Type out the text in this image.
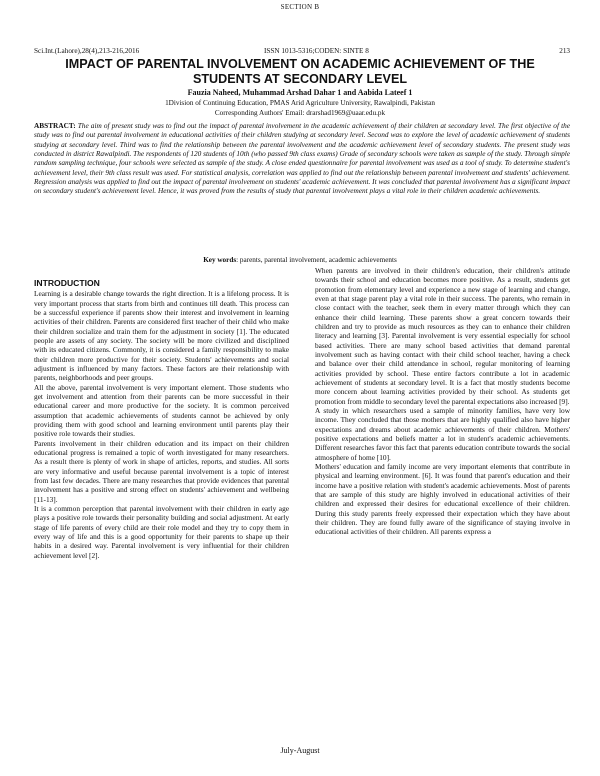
SECTION B
Sci.Int.(Lahore),28(4),213-216,2016	ISSN 1013-5316;CODEN: SINTE 8	213
IMPACT OF PARENTAL INVOLVEMENT ON ACADEMIC ACHIEVEMENT OF THE STUDENTS AT SECONDARY LEVEL
Fauzia Naheed, Muhammad Arshad Dahar 1 and Aabida Lateef 1
1Division of Continuing Education, PMAS Arid Agriculture University, Rawalpindi, Pakistan
Corresponding Authors' Email: drarshad1969@uaar.edu.pk

ABSTRACT: The aim of present study was to find out the impact of parental involvement in the academic achievement of their children at secondary level. The first objective of the study was to find out parental involvement in educational activities of their children studying at secondary level. Second was to explore the level of academic achievement of students studying at secondary level. Third was to find the relationship between the parental involvement and the academic achievement level of secondary students. The present study was conducted in district Rawalpindi. The respondents of 120 students of 10th (who passed 9th class exams) Grade of secondary schools were taken as sample of the study. Through simple random sampling technique, four schools were selected as sample of the study. A close ended questionnaire for parental involvement was used as a tool of study. To determine student's achievement level, their 9th class result was used. For statistical analysis, correlation was applied to find out the relationship between parental involvement and students' achievement. Regression analysis was applied to find out the impact of parental involvement on students' academic achievement. It was concluded that parental involvement has a significant impact on secondary student's achievement level. Hence, it was proved from the results of study that parental involvement plays a vital role in their children academic achievements.

Key words: parents, parental involvement, academic achievements
INTRODUCTION

Learning is a desirable change towards the right direction. It is a lifelong process. It is very important process that starts from birth and continues till death. This process can be a successful experience if parents show their interest and involvement in learning activities of their children. Parents are considered first teacher of their child who make their children socialize and train them for the adjustment in society [1]. The educated people are assets of any society. The society will be more civilized and disciplined with its educated citizens. Commonly, it is considered a family responsibility to make their children more productive for their society. Students' achievements and social adjustment is influenced by many factors. These factors are their relationship with parents, neighborhoods and peer groups.

All the above, parental involvement is very important element. Those students who get involvement and attention from their parents can be more successful in their educational career and more productive for the society. It is common perceived assumption that academic achievements of students cannot be achieved by only providing them with good school and learning environment until parents play their positive role towards their studies.

Parents involvement in their children education and its impact on their children educational progress is remained a topic of worth investigated for many researchers. As a result there is plenty of work in shape of articles, reports, and studies. All sorts are very informative and useful because parental involvement is a topic of interest from last few decades. There are many researches that provide evidences that parental involvement has a positive and strong effect on students' achievement and wellbeing [11-13].

It is a common perception that parental involvement with their children in early age plays a positive role towards their personality building and social adjustment. At early stage of life parents of every child are their role model and they try to copy them in every way of life and this is a good opportunity for their parents to shape up their habits in a desired way. Parental involvement is very influential for their children achievement level [2].

When parents are involved in their children's education, their children's attitude towards their school and education becomes more positive. As a result, students get promotion from elementary level and experience a new stage of learning and change, even at that stage parent play a vital role in their success. The parents, who remain in close contact with the teacher, seek them in every matter through which they can enhance their child learning. These parents show a great concern towards their children and try to provide as much resources as they can to enhance their children literacy and learning [3]. Parental involvement is very essential especially for school based activities. There are many school based activities that demand parental involvement such as having contact with their child school teacher, having a check and balance over their child attendance in school, regular monitoring of learning activities provided by school. These entire factors contribute a lot in academic achievement of students at secondary level. It is a fact that mostly students become more concern about learning activities provided by their school. As students get promotion from middle to secondary level the parental expectations also increased [9].

A study in which researchers used a sample of minority families, have very low income. They concluded that those mothers that are highly qualified also have higher expectations and dreams about academic achievements of their children. Mothers' positive expectations and beliefs matter a lot in student's academic achievements. Different researches favor this fact that parents education contribute towards the social atmosphere of home [10].

Mothers' education and family income are very important elements that contribute in physical and learning environment. [6]. It was found that parent's education and their income have a positive relation with student's academic achievements. Most of parents that are sample of this study are highly involved in educational activities of their children and expressed their desires for educational excellence of their children. During this study parents freely expressed their expectation which they have about their children. They are found fully aware of the significance of staying involve in educational activities of their children. All parents express a

July-August
